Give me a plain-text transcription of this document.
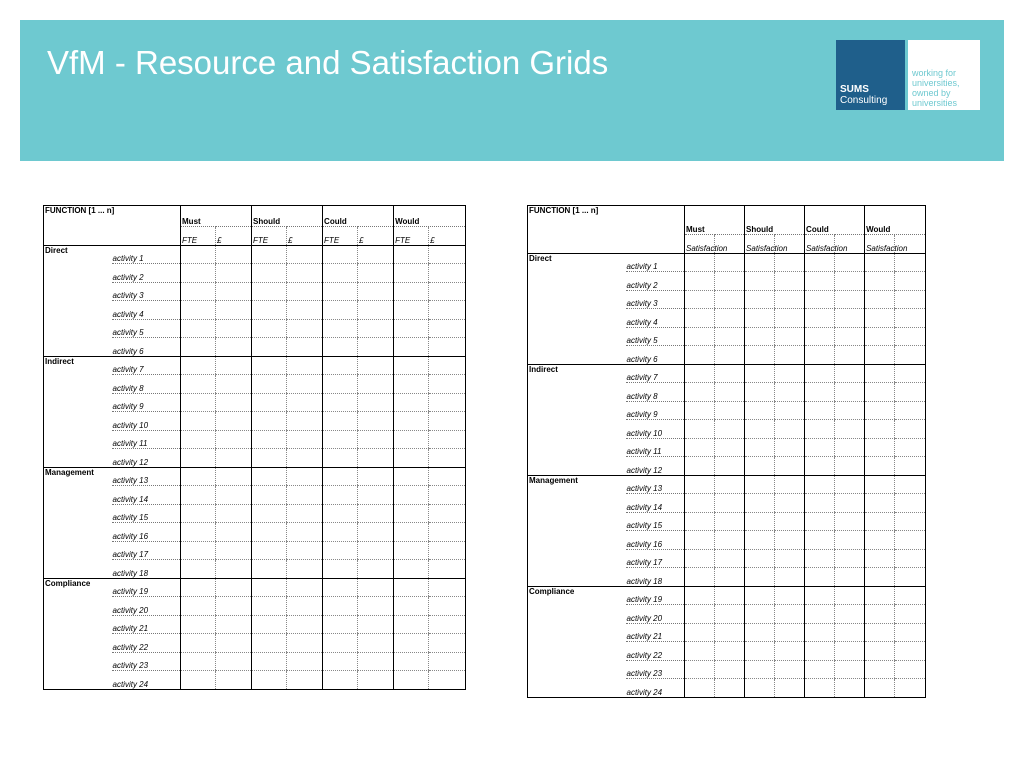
VfM - Resource and Satisfaction Grids
SUMS
Consulting
working for
universities,
owned by
universities
FUNCTION [1 ... n]		Must		Should		Could		Would	
		FTE	£	FTE	£	FTE	£	FTE	£
Direct	activity 1								
	activity 2								
	activity 3								
	activity 4								
	activity 5								
	activity 6								
Indirect	activity 7								
	activity 8								
	activity 9								
	activity 10								
	activity 11								
	activity 12								
Management	activity 13								
	activity 14								
	activity 15								
	activity 16								
	activity 17								
	activity 18								
Compliance	activity 19								
	activity 20								
	activity 21								
	activity 22								
	activity 23								
	activity 24								
FUNCTION [1 ... n]		Must		Should		Could		Would	
		Satisfaction		Satisfaction		Satisfaction		Satisfaction	
Direct	activity 1								
	activity 2								
	activity 3								
	activity 4								
	activity 5								
	activity 6								
Indirect	activity 7								
	activity 8								
	activity 9								
	activity 10								
	activity 11								
	activity 12								
Management	activity 13								
	activity 14								
	activity 15								
	activity 16								
	activity 17								
	activity 18								
Compliance	activity 19								
	activity 20								
	activity 21								
	activity 22								
	activity 23								
	activity 24								
